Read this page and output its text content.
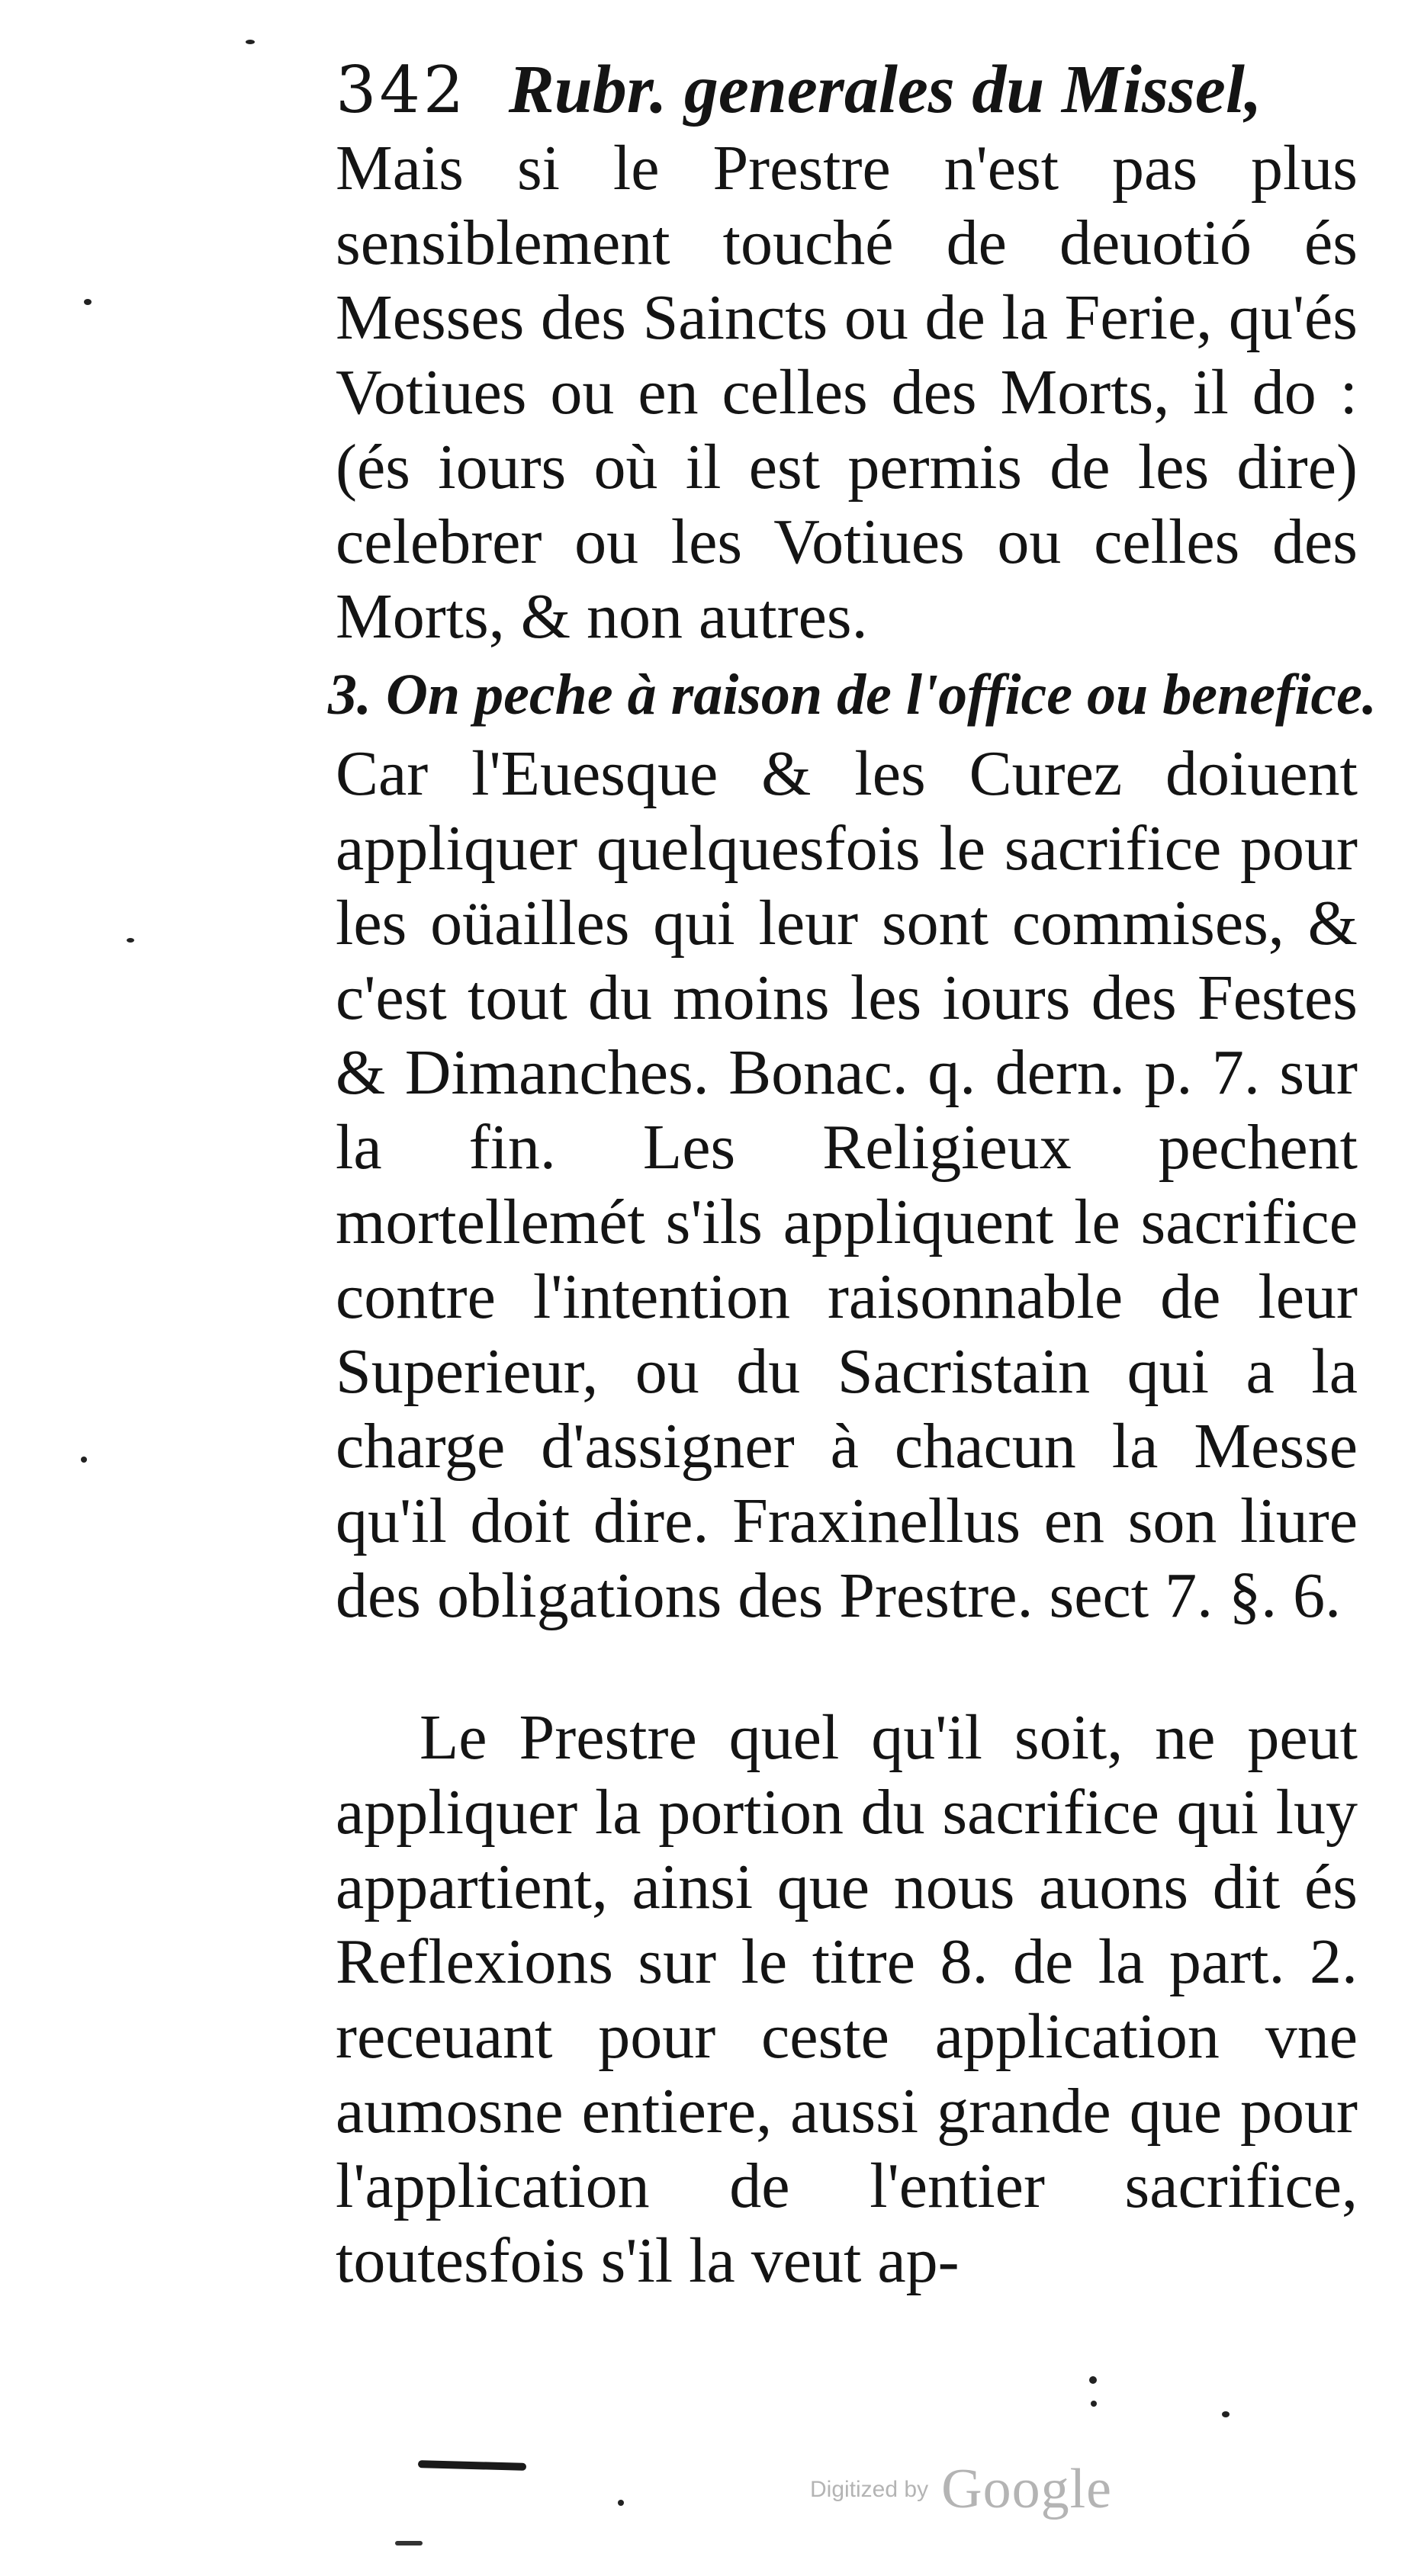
342 Rubr. generales du Missel,

Mais si le Prestre n'est pas plus sensiblement touché de deuotió és Messes des Saincts ou de la Ferie, qu'és Votiues ou en celles des Morts, il do : (és iours où il est permis de les dire) celebrer ou les Votiues ou celles des Morts, & non autres.

3. On peche à raison de l'office ou benefice.

Car l'Euesque & les Curez doiuent appliquer quelquesfois le sacrifice pour les oüailles qui leur sont commises, & c'est tout du moins les iours des Festes & Dimanches. Bonac. q. dern. p. 7. sur la fin. Les Religieux pechent mortellemét s'ils appliquent le sacrifice contre l'intention raisonnable de leur Superieur, ou du Sacristain qui a la charge d'assigner à chacun la Messe qu'il doit dire. Fraxinellus en son liure des obligations des Prestre. sect 7. §. 6.

Le Prestre quel qu'il soit, ne peut appliquer la portion du sacrifice qui luy appartient, ainsi que nous auons dit és Reflexions sur le titre 8. de la part. 2. receuant pour ceste application vne aumosne entiere, aussi grande que pour l'application de l'entier sacrifice, toutesfois s'il la veut ap-

Digitized by Google
